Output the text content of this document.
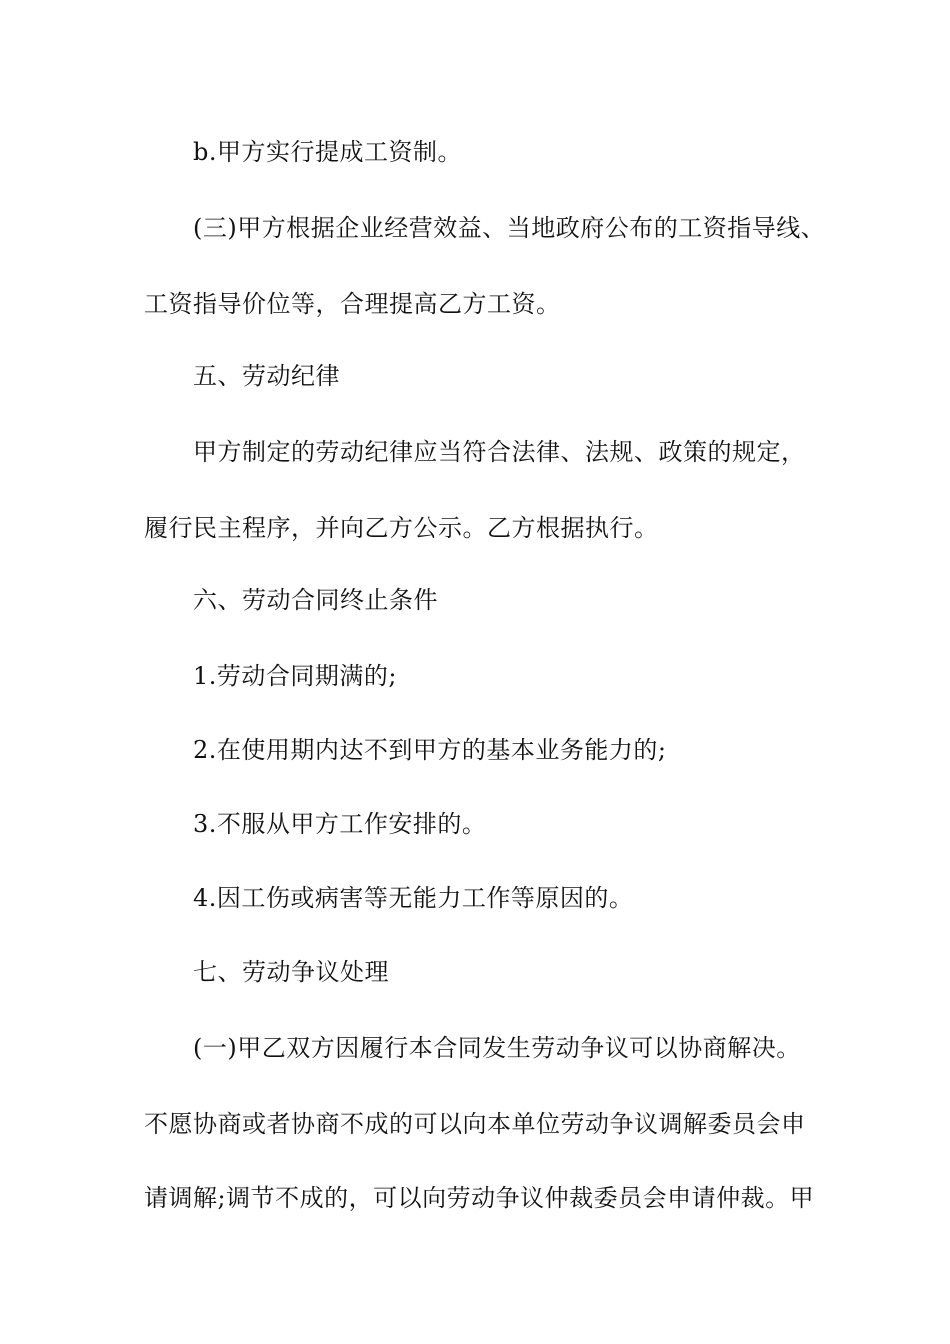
b.甲方实行提成工资制。
(三)甲方根据企业经营效益、当地政府公布的工资指导线、
工资指导价位等，合理提高乙方工资。
五、劳动纪律
甲方制定的劳动纪律应当符合法律、法规、政策的规定，
履行民主程序，并向乙方公示。乙方根据执行。
六、劳动合同终止条件
1.劳动合同期满的;
2.在使用期内达不到甲方的基本业务能力的;
3.不服从甲方工作安排的。
4.因工伤或病害等无能力工作等原因的。
七、劳动争议处理
(一)甲乙双方因履行本合同发生劳动争议可以协商解决。
不愿协商或者协商不成的可以向本单位劳动争议调解委员会申
请调解;调节不成的，可以向劳动争议仲裁委员会申请仲裁。甲
